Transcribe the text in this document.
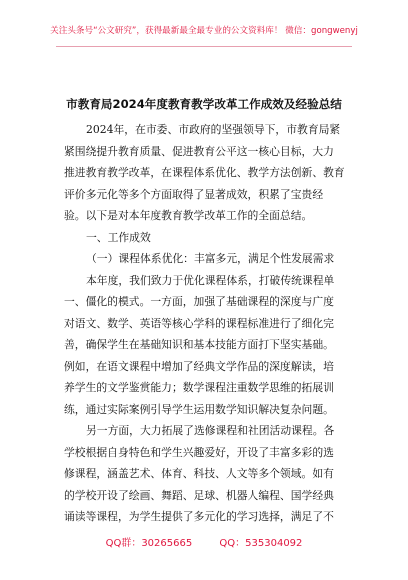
关注头条号“公文研究”，获得最新最全最专业的公文资料库！ 微信：gongwenyj
市教育局2024年度教育教学改革工作成效及经验总结
2024年，在市委、市政府的坚强领导下，市教育局紧
紧围绕提升教育质量、促进教育公平这一核心目标，大力
推进教育教学改革，在课程体系优化、教学方法创新、教育
评价多元化等多个方面取得了显著成效，积累了宝贵经
验。以下是对本年度教育教学改革工作的全面总结。
一、工作成效
（一）课程体系优化：丰富多元，满足个性发展需求
本年度，我们致力于优化课程体系，打破传统课程单
一、僵化的模式。一方面，加强了基础课程的深度与广度
对语文、数学、英语等核心学科的课程标准进行了细化完
善，确保学生在基础知识和基本技能方面打下坚实基础。
例如，在语文课程中增加了经典文学作品的深度解读，培
养学生的文学鉴赏能力；数学课程注重数学思维的拓展训
练，通过实际案例引导学生运用数学知识解决复杂问题。
另一方面，大力拓展了选修课程和社团活动课程。各
学校根据自身特色和学生兴趣爱好，开设了丰富多彩的选
修课程，涵盖艺术、体育、科技、人文等多个领域。如有
的学校开设了绘画、舞蹈、足球、机器人编程、国学经典
诵读等课程，为学生提供了多元化的学习选择，满足了不
QQ群：30265665	QQ：535304092
